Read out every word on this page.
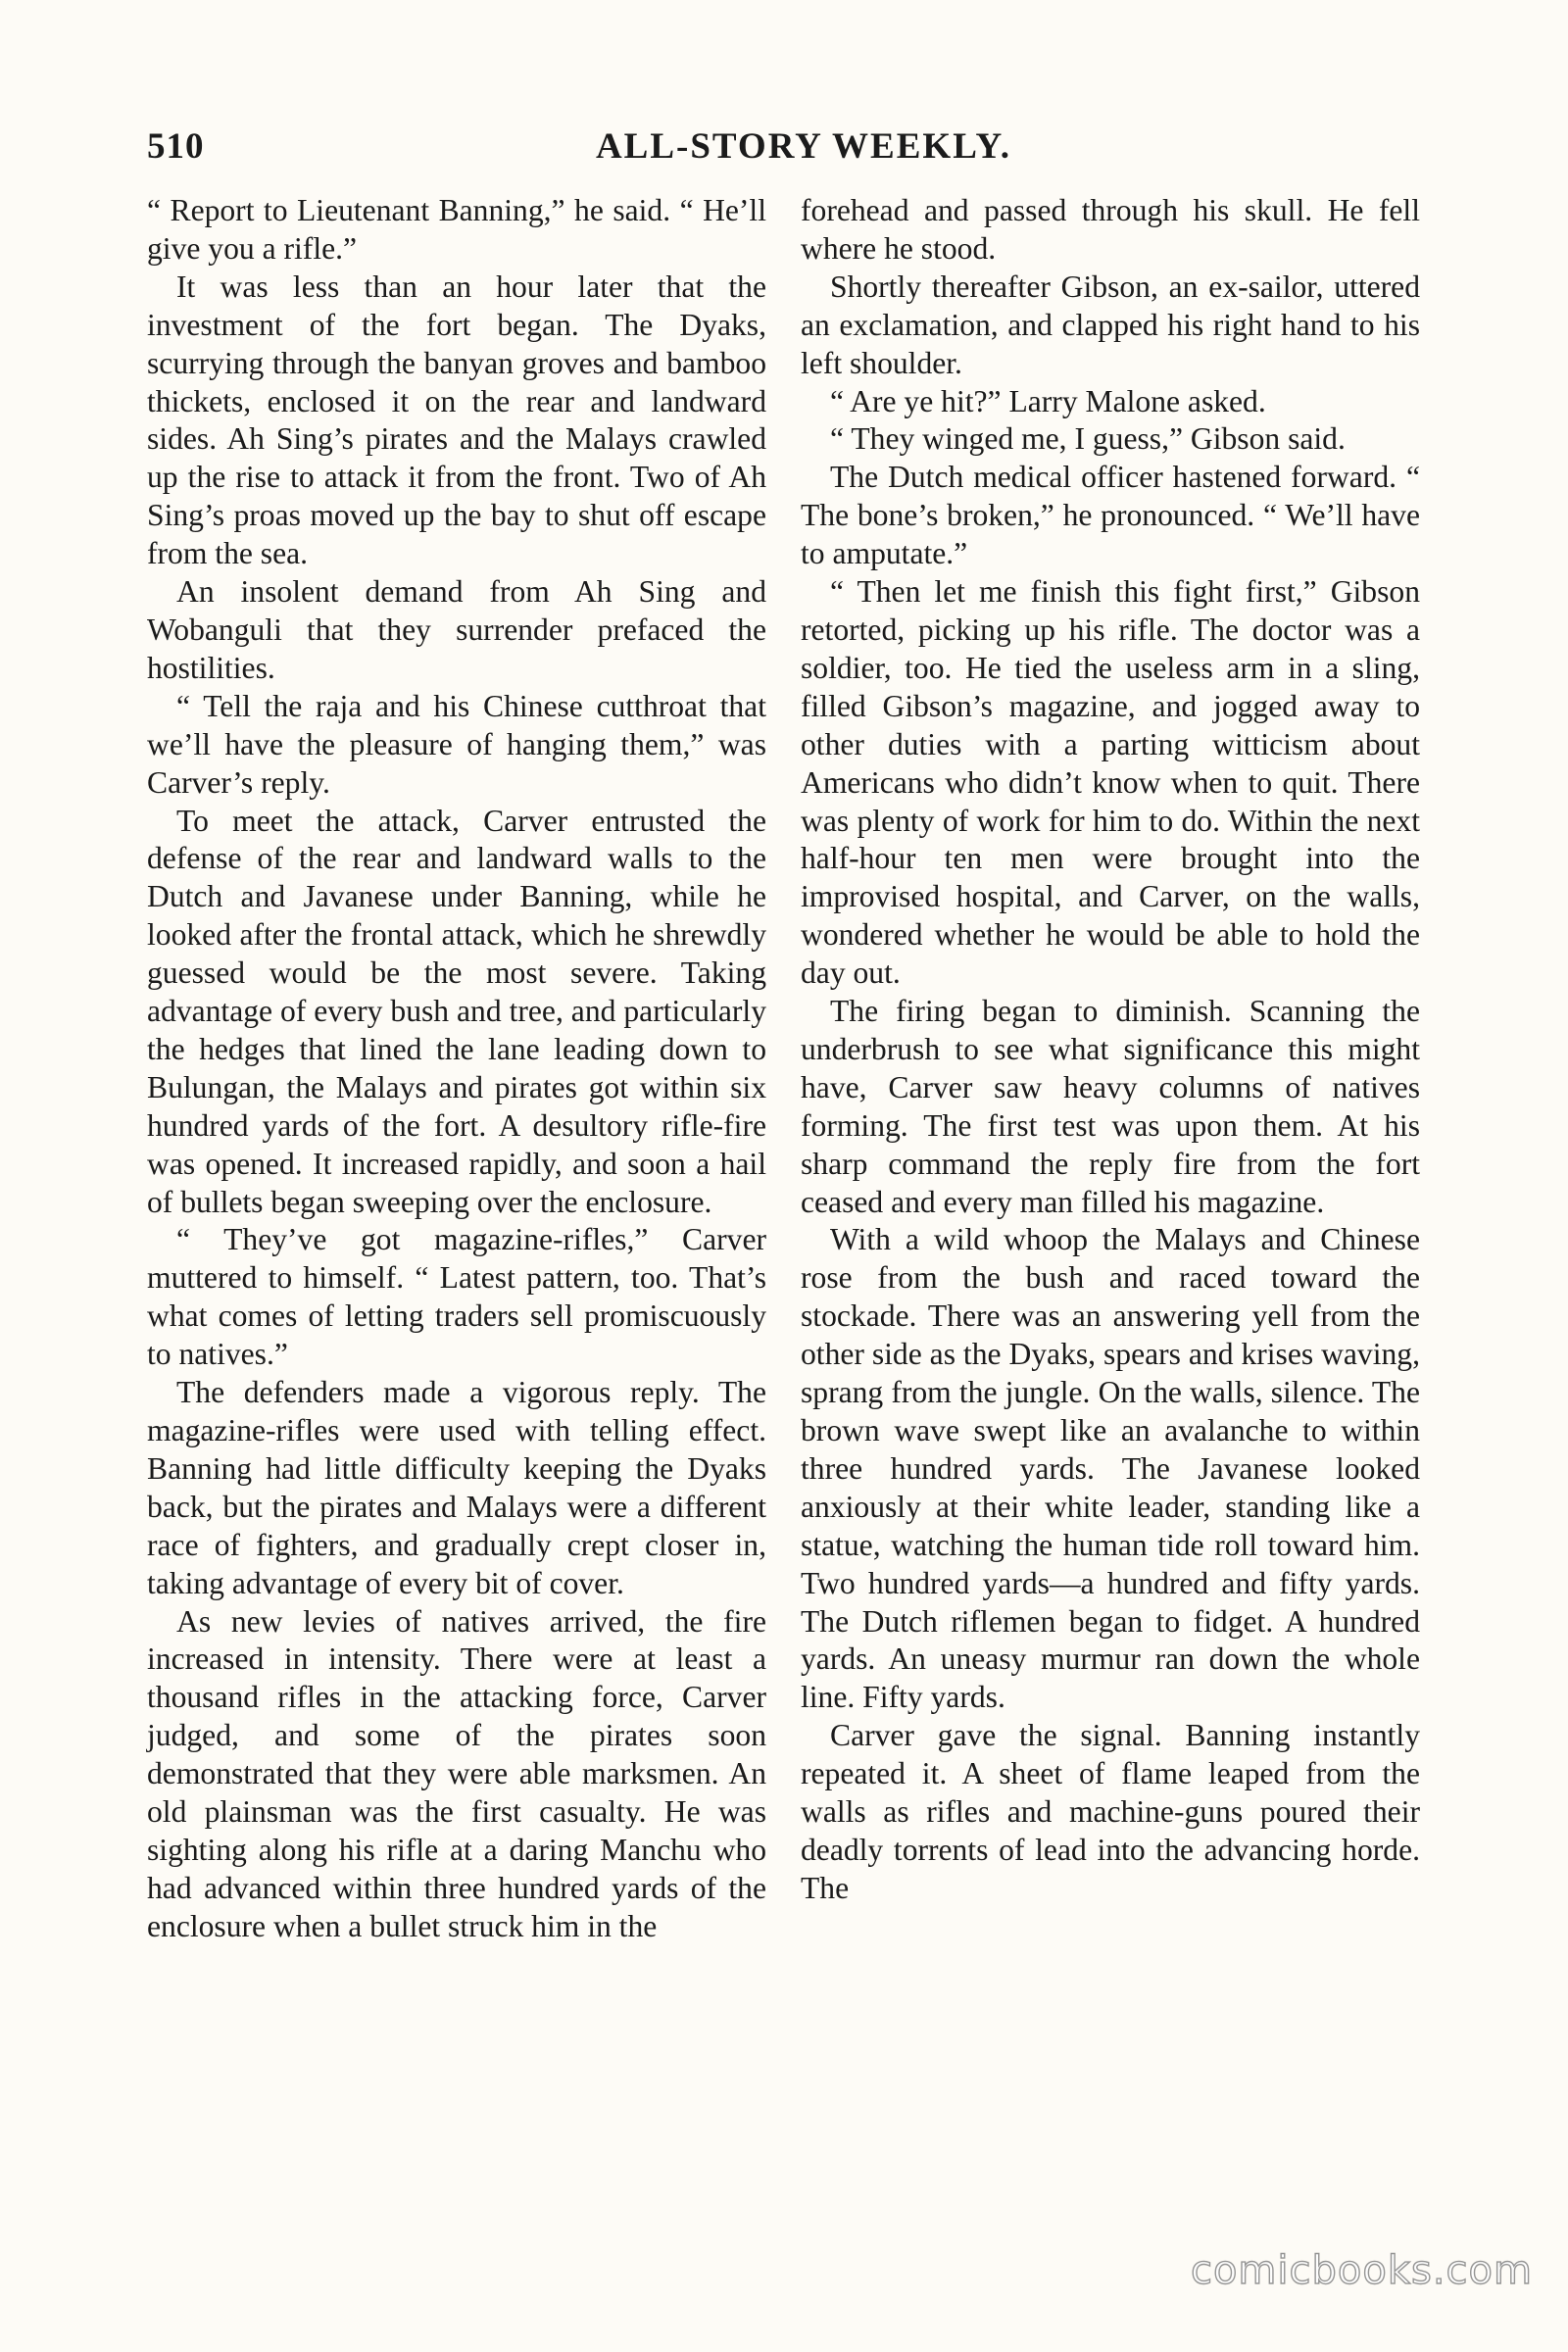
510	ALL-STORY WEEKLY.

“ Report to Lieutenant Banning,” he said. “ He’ll give you a rifle.”

It was less than an hour later that the investment of the fort began. The Dyaks, scurrying through the banyan groves and bamboo thickets, enclosed it on the rear and landward sides. Ah Sing’s pirates and the Malays crawled up the rise to attack it from the front. Two of Ah Sing’s proas moved up the bay to shut off escape from the sea.

An insolent demand from Ah Sing and Wobanguli that they surrender prefaced the hostilities.

“ Tell the raja and his Chinese cutthroat that we’ll have the pleasure of hanging them,” was Carver’s reply.

To meet the attack, Carver entrusted the defense of the rear and landward walls to the Dutch and Javanese under Banning, while he looked after the frontal attack, which he shrewdly guessed would be the most severe. Taking advantage of every bush and tree, and particularly the hedges that lined the lane leading down to Bulungan, the Malays and pirates got within six hundred yards of the fort. A desultory rifle-fire was opened. It increased rapidly, and soon a hail of bullets began sweeping over the enclosure.

“ They’ve got magazine-rifles,” Carver muttered to himself. “ Latest pattern, too. That’s what comes of letting traders sell promiscuously to natives.”

The defenders made a vigorous reply. The magazine-rifles were used with telling effect. Banning had little difficulty keeping the Dyaks back, but the pirates and Malays were a different race of fighters, and gradually crept closer in, taking advantage of every bit of cover.

As new levies of natives arrived, the fire increased in intensity. There were at least a thousand rifles in the attacking force, Carver judged, and some of the pirates soon demonstrated that they were able marksmen. An old plainsman was the first casualty. He was sighting along his rifle at a daring Manchu who had advanced within three hundred yards of the enclosure when a bullet struck him in the

forehead and passed through his skull. He fell where he stood.

Shortly thereafter Gibson, an ex-sailor, uttered an exclamation, and clapped his right hand to his left shoulder.

“ Are ye hit?” Larry Malone asked.

“ They winged me, I guess,” Gibson said.

The Dutch medical officer hastened forward. “ The bone’s broken,” he pronounced. “ We’ll have to amputate.”

“ Then let me finish this fight first,” Gibson retorted, picking up his rifle. The doctor was a soldier, too. He tied the useless arm in a sling, filled Gibson’s magazine, and jogged away to other duties with a parting witticism about Americans who didn’t know when to quit. There was plenty of work for him to do. Within the next half-hour ten men were brought into the improvised hospital, and Carver, on the walls, wondered whether he would be able to hold the day out.

The firing began to diminish. Scanning the underbrush to see what significance this might have, Carver saw heavy columns of natives forming. The first test was upon them. At his sharp command the reply fire from the fort ceased and every man filled his magazine.

With a wild whoop the Malays and Chinese rose from the bush and raced toward the stockade. There was an answering yell from the other side as the Dyaks, spears and krises waving, sprang from the jungle. On the walls, silence. The brown wave swept like an avalanche to within three hundred yards. The Javanese looked anxiously at their white leader, standing like a statue, watching the human tide roll toward him. Two hundred yards—a hundred and fifty yards. The Dutch riflemen began to fidget. A hundred yards. An uneasy murmur ran down the whole line. Fifty yards.

Carver gave the signal. Banning instantly repeated it. A sheet of flame leaped from the walls as rifles and machine-guns poured their deadly torrents of lead into the advancing horde. The

comicbooks.com
